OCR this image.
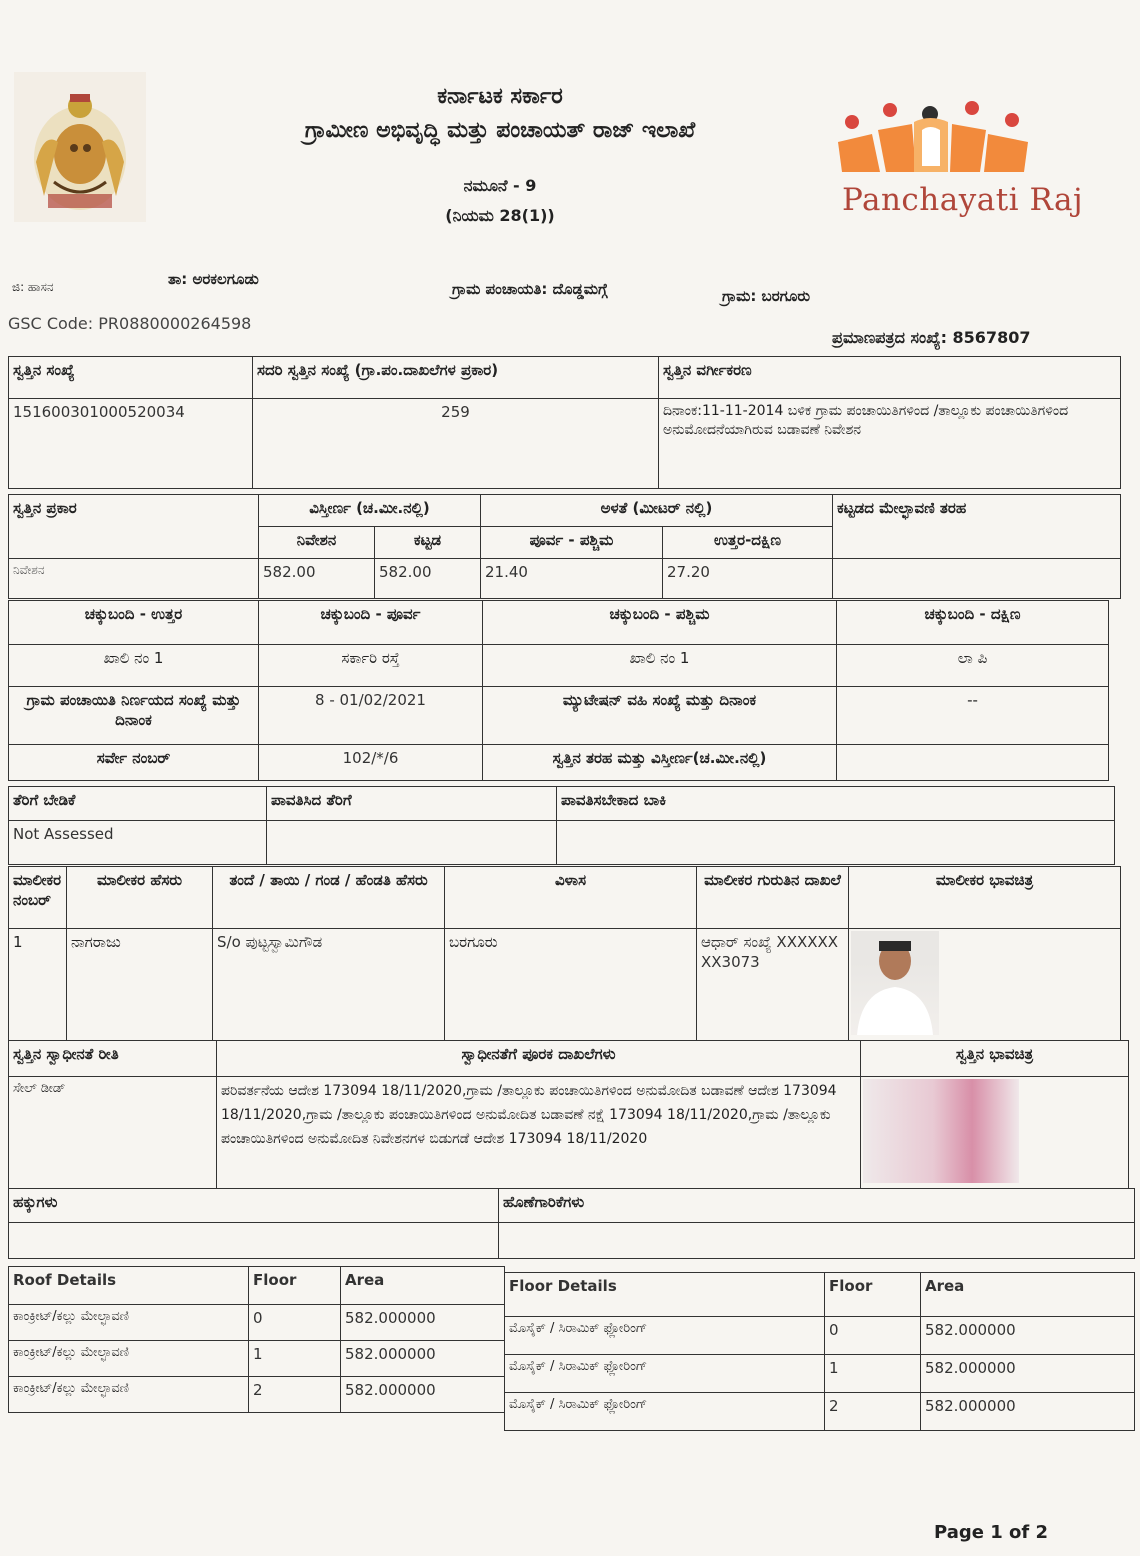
Panchayati Raj
ಕರ್ನಾಟಕ ಸರ್ಕಾರ
ಗ್ರಾಮೀಣ ಅಭಿವೃದ್ಧಿ ಮತ್ತು ಪಂಚಾಯತ್ ರಾಜ್ ಇಲಾಖೆ
ನಮೂನೆ - 9
(ನಿಯಮ 28(1))
ಜಿ: ಹಾಸನ	ತಾ: ಅರಕಲಗೂಡು
ಗ್ರಾಮ ಪಂಚಾಯತಿ: ದೊಡ್ಡಮಗ್ಗೆ	ಗ್ರಾಮ: ಬರಗೂರು
GSC Code: PR0880000264598
ಪ್ರಮಾಣಪತ್ರದ ಸಂಖ್ಯೆ: 8567807
ಸ್ವತ್ತಿನ ಸಂಖ್ಯೆ	ಸದರಿ ಸ್ವತ್ತಿನ ಸಂಖ್ಯೆ (ಗ್ರಾ.ಪಂ.ದಾಖಲೆಗಳ ಪ್ರಕಾರ)	ಸ್ವತ್ತಿನ ವರ್ಗೀಕರಣ
151600301000520034	259	ದಿನಾಂಕ:11-11-2014 ಬಳಿಕ ಗ್ರಾಮ ಪಂಚಾಯಿತಿಗಳಿಂದ /ತಾಲ್ಲೂಕು ಪಂಚಾಯಿತಿಗಳಿಂದ ಅನುಮೋದನೆಯಾಗಿರುವ ಬಡಾವಣೆ ನಿವೇಶನ
ಸ್ವತ್ತಿನ ಪ್ರಕಾರ	ವಿಸ್ತೀರ್ಣ (ಚ.ಮೀ.ನಲ್ಲಿ)		ಅಳತೆ (ಮೀಟರ್ ನಲ್ಲಿ)		ಕಟ್ಟಡದ ಮೇಲ್ಛಾವಣಿ ತರಹ
	ನಿವೇಶನ	ಕಟ್ಟಡ	ಪೂರ್ವ - ಪಶ್ಚಿಮ	ಉತ್ತರ-ದಕ್ಷಿಣ	
ನಿವೇಶನ	582.00	582.00	21.40	27.20	
ಚಕ್ಕುಬಂದಿ - ಉತ್ತರ	ಚಕ್ಕುಬಂದಿ - ಪೂರ್ವ	ಚಕ್ಕುಬಂದಿ - ಪಶ್ಚಿಮ	ಚಕ್ಕುಬಂದಿ - ದಕ್ಷಿಣ
ಖಾಲಿ ನಂ 1	ಸರ್ಕಾರಿ ರಸ್ತೆ	ಖಾಲಿ ನಂ 1	ಲಾ ಪಿ
ಗ್ರಾಮ ಪಂಚಾಯಿತಿ ನಿರ್ಣಯದ ಸಂಖ್ಯೆ ಮತ್ತು ದಿನಾಂಕ	8 - 01/02/2021	ಮ್ಯುಟೇಷನ್ ವಹಿ ಸಂಖ್ಯೆ ಮತ್ತು ದಿನಾಂಕ	--
ಸರ್ವೇ ನಂಬರ್	102/*/6	ಸ್ವತ್ತಿನ ತರಹ ಮತ್ತು ವಿಸ್ತೀರ್ಣ(ಚ.ಮೀ.ನಲ್ಲಿ)	
ತೆರಿಗೆ ಬೇಡಿಕೆ	ಪಾವತಿಸಿದ ತೆರಿಗೆ	ಪಾವತಿಸಬೇಕಾದ ಬಾಕಿ
Not Assessed		
ಮಾಲೀಕರ ನಂಬರ್	ಮಾಲೀಕರ ಹೆಸರು	ತಂದೆ / ತಾಯಿ / ಗಂಡ / ಹೆಂಡತಿ ಹೆಸರು	ವಿಳಾಸ	ಮಾಲೀಕರ ಗುರುತಿನ ದಾಖಲೆ	ಮಾಲೀಕರ ಭಾವಚಿತ್ರ
1	ನಾಗರಾಜು	S/o ಪುಟ್ಟಸ್ವಾಮಿಗೌಡ	ಬರಗೂರು	ಆಧಾರ್ ಸಂಖ್ಯೆ XXXXXXXX3073	
ಸ್ವತ್ತಿನ ಸ್ವಾಧೀನತೆ ರೀತಿ	ಸ್ವಾಧೀನತೆಗೆ ಪೂರಕ ದಾಖಲೆಗಳು	ಸ್ವತ್ತಿನ ಭಾವಚಿತ್ರ
ಸೇಲ್ ಡೀಡ್	ಪರಿವರ್ತನೆಯ ಆದೇಶ 173094 18/11/2020,ಗ್ರಾಮ /ತಾಲ್ಲೂಕು ಪಂಚಾಯಿತಿಗಳಿಂದ ಅನುಮೋದಿತ ಬಡಾವಣೆ ಆದೇಶ 173094 18/11/2020,ಗ್ರಾಮ /ತಾಲ್ಲೂಕು ಪಂಚಾಯಿತಿಗಳಿಂದ ಅನುಮೋದಿತ ಬಡಾವಣೆ ನಕ್ಷೆ 173094 18/11/2020,ಗ್ರಾಮ /ತಾಲ್ಲೂಕು ಪಂಚಾಯಿತಿಗಳಿಂದ ಅನುಮೋದಿತ ನಿವೇಶನಗಳ ಬಿಡುಗಡೆ ಆದೇಶ 173094 18/11/2020	
ಹಕ್ಕುಗಳು	ಹೊಣೆಗಾರಿಕೆಗಳು

Roof Details	Floor	Area
ಕಾಂಕ್ರೀಟ್/ಕಲ್ಲು ಮೇಲ್ಛಾವಣಿ	0	582.000000
ಕಾಂಕ್ರೀಟ್/ಕಲ್ಲು ಮೇಲ್ಛಾವಣಿ	1	582.000000
ಕಾಂಕ್ರೀಟ್/ಕಲ್ಲು ಮೇಲ್ಛಾವಣಿ	2	582.000000
Floor Details	Floor	Area
ಮೊಸೈಕ್ / ಸಿರಾಮಿಕ್ ಫ್ಲೋರಿಂಗ್	0	582.000000
ಮೊಸೈಕ್ / ಸಿರಾಮಿಕ್ ಫ್ಲೋರಿಂಗ್	1	582.000000
ಮೊಸೈಕ್ / ಸಿರಾಮಿಕ್ ಫ್ಲೋರಿಂಗ್	2	582.000000
Page 1 of 2
